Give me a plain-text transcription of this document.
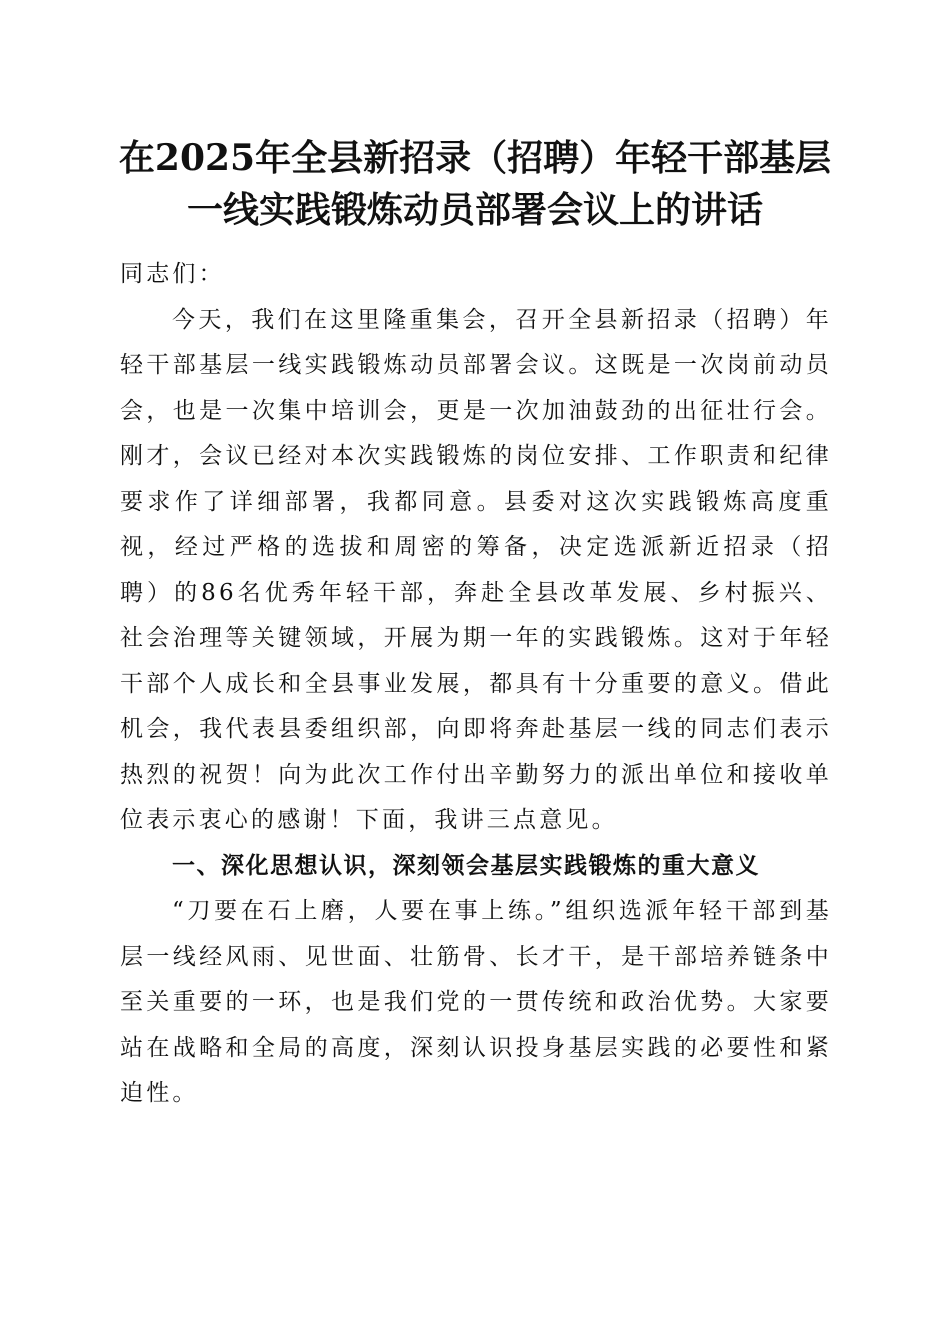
在2025年全县新招录（招聘）年轻干部基层
一线实践锻炼动员部署会议上的讲话

同志们：

今天，我们在这里隆重集会，召开全县新招录（招聘）年轻干部基层一线实践锻炼动员部署会议。这既是一次岗前动员会，也是一次集中培训会，更是一次加油鼓劲的出征壮行会。刚才，会议已经对本次实践锻炼的岗位安排、工作职责和纪律要求作了详细部署，我都同意。县委对这次实践锻炼高度重视，经过严格的选拔和周密的筹备，决定选派新近招录（招聘）的86名优秀年轻干部，奔赴全县改革发展、乡村振兴、社会治理等关键领域，开展为期一年的实践锻炼。这对于年轻干部个人成长和全县事业发展，都具有十分重要的意义。借此机会，我代表县委组织部，向即将奔赴基层一线的同志们表示热烈的祝贺！向为此次工作付出辛勤努力的派出单位和接收单位表示衷心的感谢！下面，我讲三点意见。

一、深化思想认识，深刻领会基层实践锻炼的重大意义

“刀要在石上磨，人要在事上练。”组织选派年轻干部到基层一线经风雨、见世面、壮筋骨、长才干，是干部培养链条中至关重要的一环，也是我们党的一贯传统和政治优势。大家要站在战略和全局的高度，深刻认识投身基层实践的必要性和紧迫性。
